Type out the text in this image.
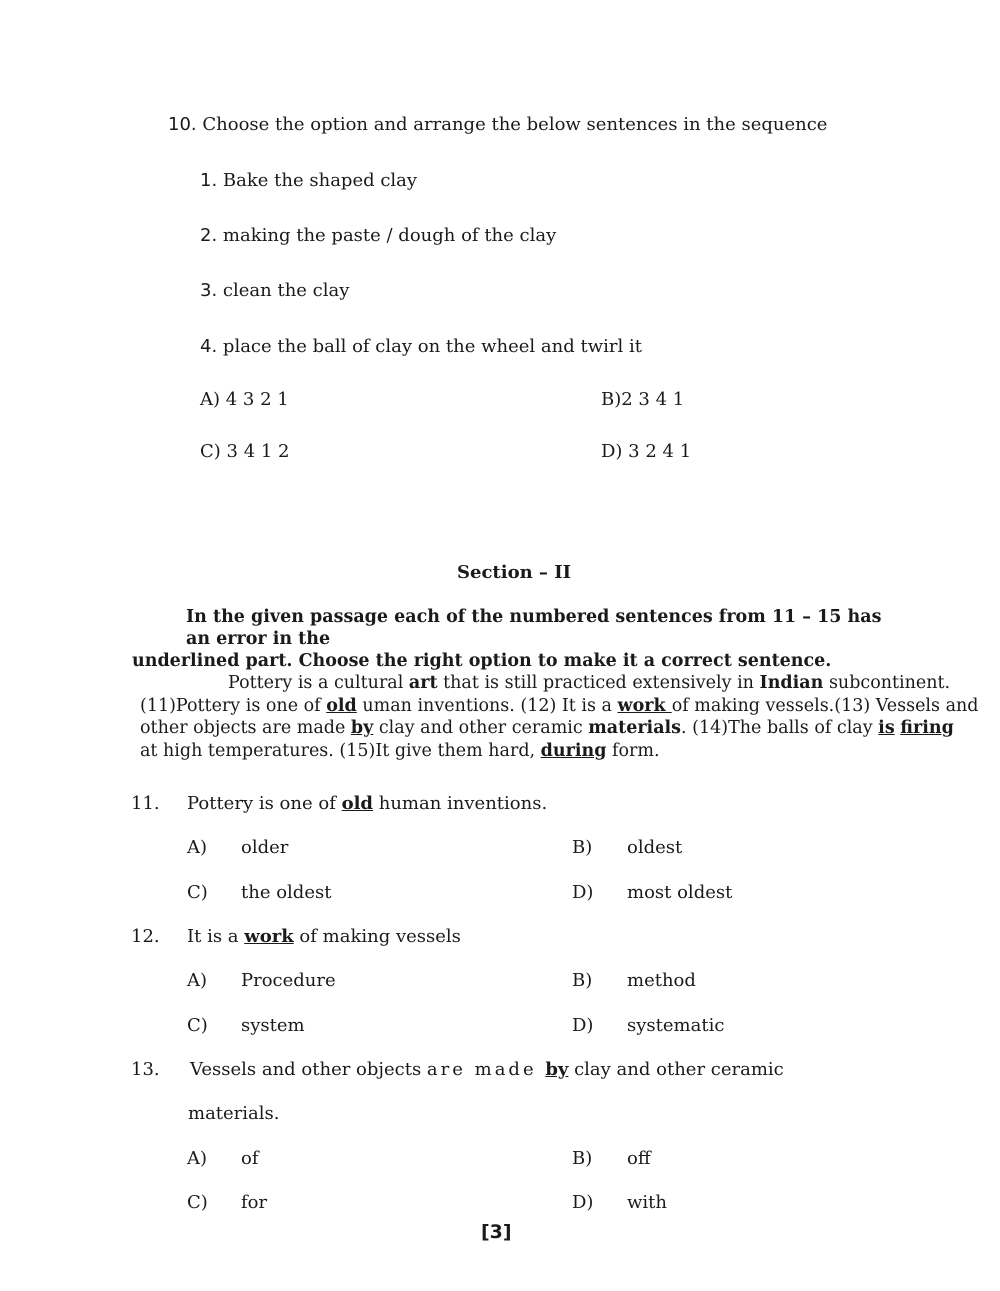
10. Choose the option and arrange the below sentences in the sequence
1. Bake the shaped clay
2. making the paste / dough of the clay
3. clean the clay
4. place the ball of clay on the wheel and twirl it
A) 4 3 2 1	B)2 3 4 1
C) 3 4 1 2	D) 3 2 4 1
Section – II
In the given passage each of the numbered sentences from 11 – 15 has an error in the
underlined part. Choose the right option to make it a correct sentence.
Pottery is a cultural art that is still practiced extensively in Indian subcontinent.
(11)Pottery is one of old uman inventions. (12) It is a work of making vessels.(13) Vessels and
other objects are made by clay and other ceramic materials. (14)The balls of clay is firing
at high temperatures. (15)It give them hard, during form.
11. Pottery is one of old human inventions.
A) older	B) oldest
C) the oldest	D) most oldest
12. It is a work of making vessels
A) Procedure	B) method
C) system	D) systematic
13. Vessels and other objects are made by clay and other ceramic
materials.
A) of	B) off
C) for	D) with
[3]
